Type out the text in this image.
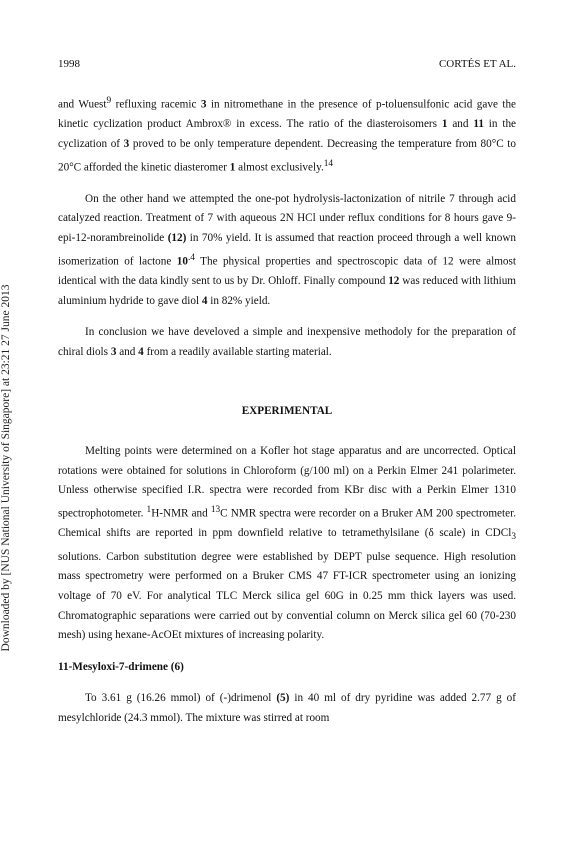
1998	CORTÉS ET AL.
Downloaded by [NUS National University of Singapore] at 23:21 27 June 2013

and Wuest$^9$ refluxing racemic 3 in nitromethane in the presence of p-toluensulfonic acid gave the kinetic cyclization product Ambrox® in excess. The ratio of the diasteroisomers 1 and 11 in the cyclization of 3 proved to be only temperature dependent. Decreasing the temperature from 80°C to 20°C afforded the kinetic diasteromer 1 almost exclusively.$^{14}$

On the other hand we attempted the one-pot hydrolysis-lactonization of nitrile 7 through acid catalyzed reaction. Treatment of 7 with aqueous 2N HCl under reflux conditions for 8 hours gave 9-epi-12-norambreinolide (12) in 70% yield. It is assumed that reaction proceed through a well known isomerization of lactone $10^{.4}$ The physical properties and spectroscopic data of 12 were almost identical with the data kindly sent to us by Dr. Ohloff. Finally compound 12 was reduced with lithium aluminium hydride to gave diol 4 in 82% yield.

In conclusion we have develoved a simple and inexpensive methodoly for the preparation of chiral diols 3 and 4 from a readily available starting material.

EXPERIMENTAL

Melting points were determined on a Kofler hot stage apparatus and are uncorrected. Optical rotations were obtained for solutions in Chloroform (g/100 ml) on a Perkin Elmer 241 polarimeter. Unless otherwise specified I.R. spectra were recorded from KBr disc with a Perkin Elmer 1310 spectrophotometer. $^1$H-NMR and $^{13}$C NMR spectra were recorder on a Bruker AM 200 spectrometer. Chemical shifts are reported in ppm downfield relative to tetramethylsilane (δ scale) in CDCl$_3$ solutions. Carbon substitution degree were established by DEPT pulse sequence. High resolution mass spectrometry were performed on a Bruker CMS 47 FT-ICR spectrometer using an ionizing voltage of 70 eV. For analytical TLC Merck silica gel 60G in 0.25 mm thick layers was used. Chromatographic separations were carried out by convential column on Merck silica gel 60 (70-230 mesh) using hexane-AcOEt mixtures of increasing polarity.

11-Mesyloxi-7-drimene (6)

To 3.61 g (16.26 mmol) of (-)drimenol (5) in 40 ml of dry pyridine was added 2.77 g of mesylchloride (24.3 mmol). The mixture was stirred at room
